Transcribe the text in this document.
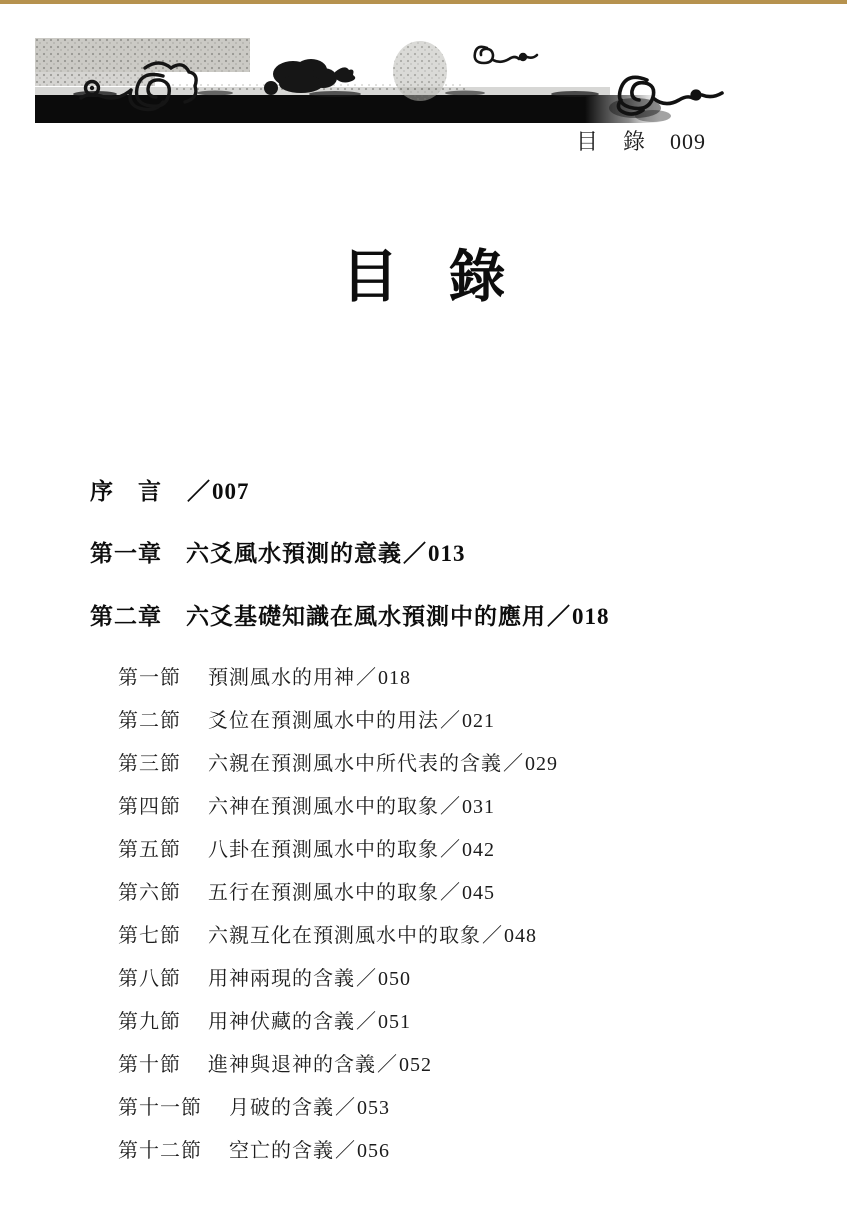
目錄009
目錄
序　言 ／007
第一章 六爻風水預測的意義／013
第二章 六爻基礎知識在風水預測中的應用／018
第一節 預測風水的用神／018
第二節 爻位在預測風水中的用法／021
第三節 六親在預測風水中所代表的含義／029
第四節 六神在預測風水中的取象／031
第五節 八卦在預測風水中的取象／042
第六節 五行在預測風水中的取象／045
第七節 六親互化在預測風水中的取象／048
第八節 用神兩現的含義／050
第九節 用神伏藏的含義／051
第十節 進神與退神的含義／052
第十一節 月破的含義／053
第十二節 空亡的含義／056
